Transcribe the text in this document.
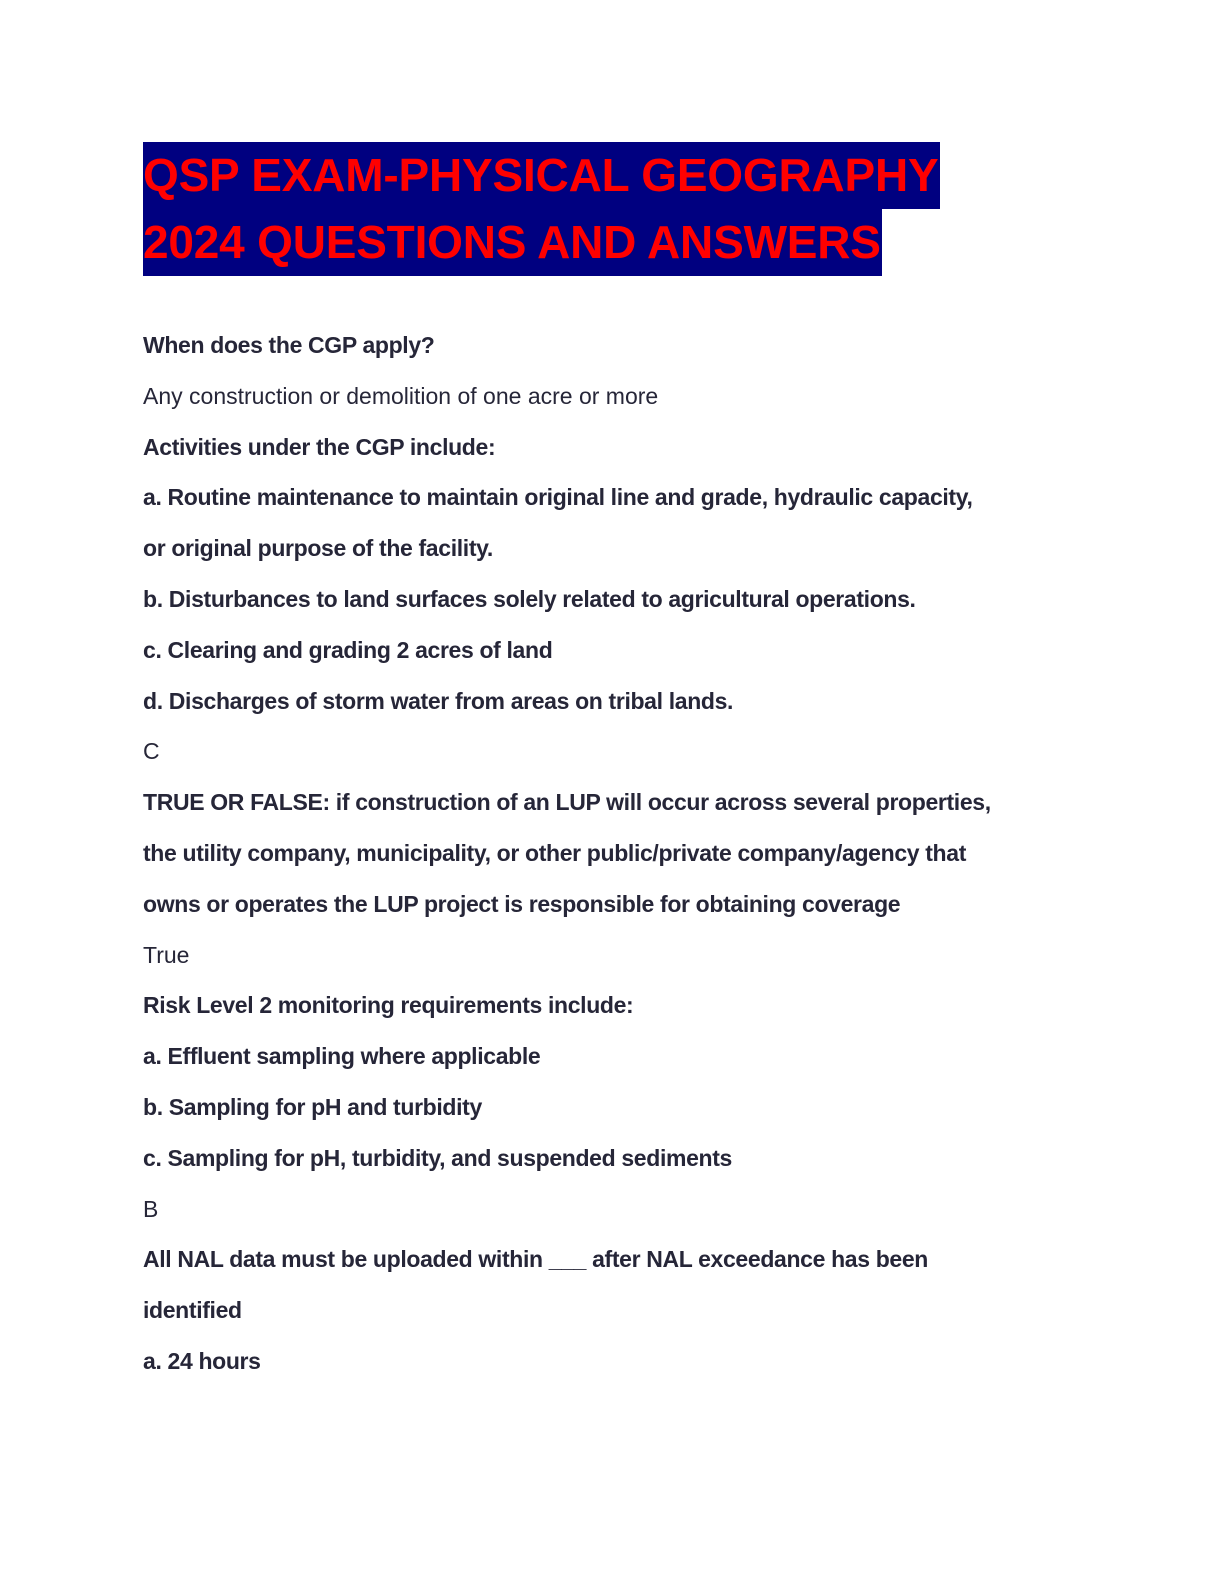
QSP EXAM-PHYSICAL GEOGRAPHY
2024 QUESTIONS AND ANSWERS

When does the CGP apply?

Any construction or demolition of one acre or more

Activities under the CGP include:

a. Routine maintenance to maintain original line and grade, hydraulic capacity,

or original purpose of the facility.

b. Disturbances to land surfaces solely related to agricultural operations.

c. Clearing and grading 2 acres of land

d. Discharges of storm water from areas on tribal lands.

C

TRUE OR FALSE: if construction of an LUP will occur across several properties,

the utility company, municipality, or other public/private company/agency that

owns or operates the LUP project is responsible for obtaining coverage

True

Risk Level 2 monitoring requirements include:

a. Effluent sampling where applicable

b. Sampling for pH and turbidity

c. Sampling for pH, turbidity, and suspended sediments

B

All NAL data must be uploaded within ___ after NAL exceedance has been

identified

a. 24 hours
